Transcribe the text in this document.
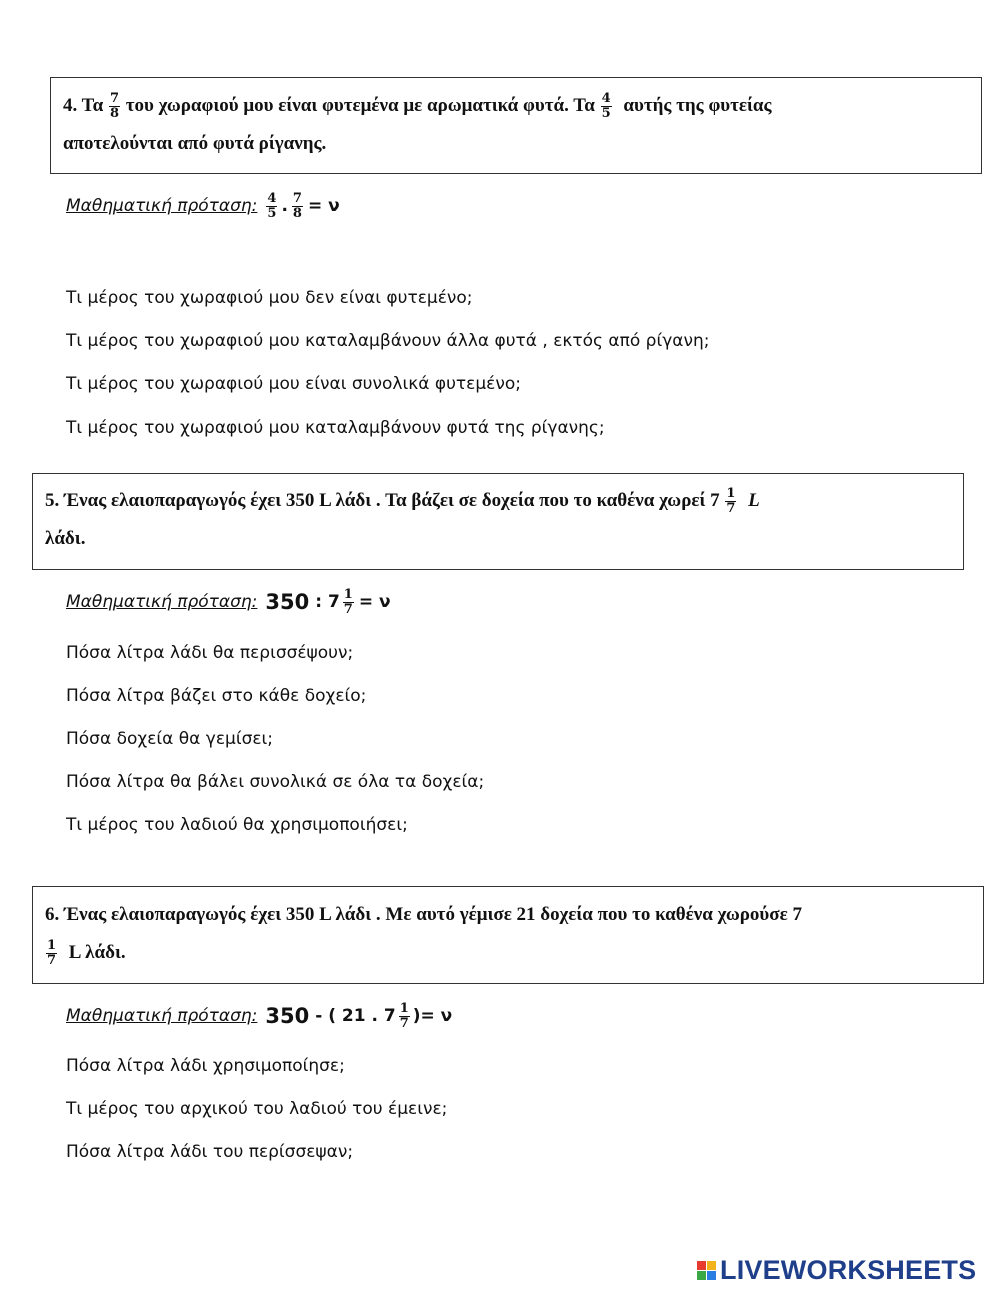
4. Τα $\frac{7}{8}$ του χωραφιού μου είναι φυτεμένα με αρωματικά φυτά. Τα $\frac{4}{5}$ αυτής της φυτείας
αποτελούνται από φυτά ρίγανης.
Μαθηματική πρόταση: $\frac{4}{5}$ . $\frac{7}{8} = \nu$
Τι μέρος του χωραφιού μου δεν είναι φυτεμένο;
Τι μέρος του χωραφιού μου καταλαμβάνουν άλλα φυτά , εκτός από ρίγανη;
Τι μέρος του χωραφιού μου είναι συνολικά φυτεμένο;
Τι μέρος του χωραφιού μου καταλαμβάνουν φυτά της ρίγανης;
5. Ένας ελαιοπαραγωγός έχει 350 L λάδι . Τα βάζει σε δοχεία που το καθένα χωρεί $7 \frac{1}{7}$ L
λάδι.
Μαθηματική πρόταση: 350 : $7 \frac{1}{7} = \nu$
Πόσα λίτρα λάδι θα περισσέψουν;
Πόσα λίτρα βάζει στο κάθε δοχείο;
Πόσα δοχεία θα γεμίσει;
Πόσα λίτρα θα βάλει συνολικά σε όλα τα δοχεία;
Τι μέρος του λαδιού θα χρησιμοποιήσει;
6. Ένας ελαιοπαραγωγός έχει 350 L λάδι . Με αυτό γέμισε 21 δοχεία που το καθένα χωρούσε 7
$\frac{1}{7}$ L λάδι.
Μαθηματική πρόταση: 350 - ( 21 . $7 \frac{1}{7}$ )= ν
Πόσα λίτρα λάδι χρησιμοποίησε;
Τι μέρος του αρχικού του λαδιού του έμεινε;
Πόσα λίτρα λάδι του περίσσεψαν;
LIVEWORKSHEETS
